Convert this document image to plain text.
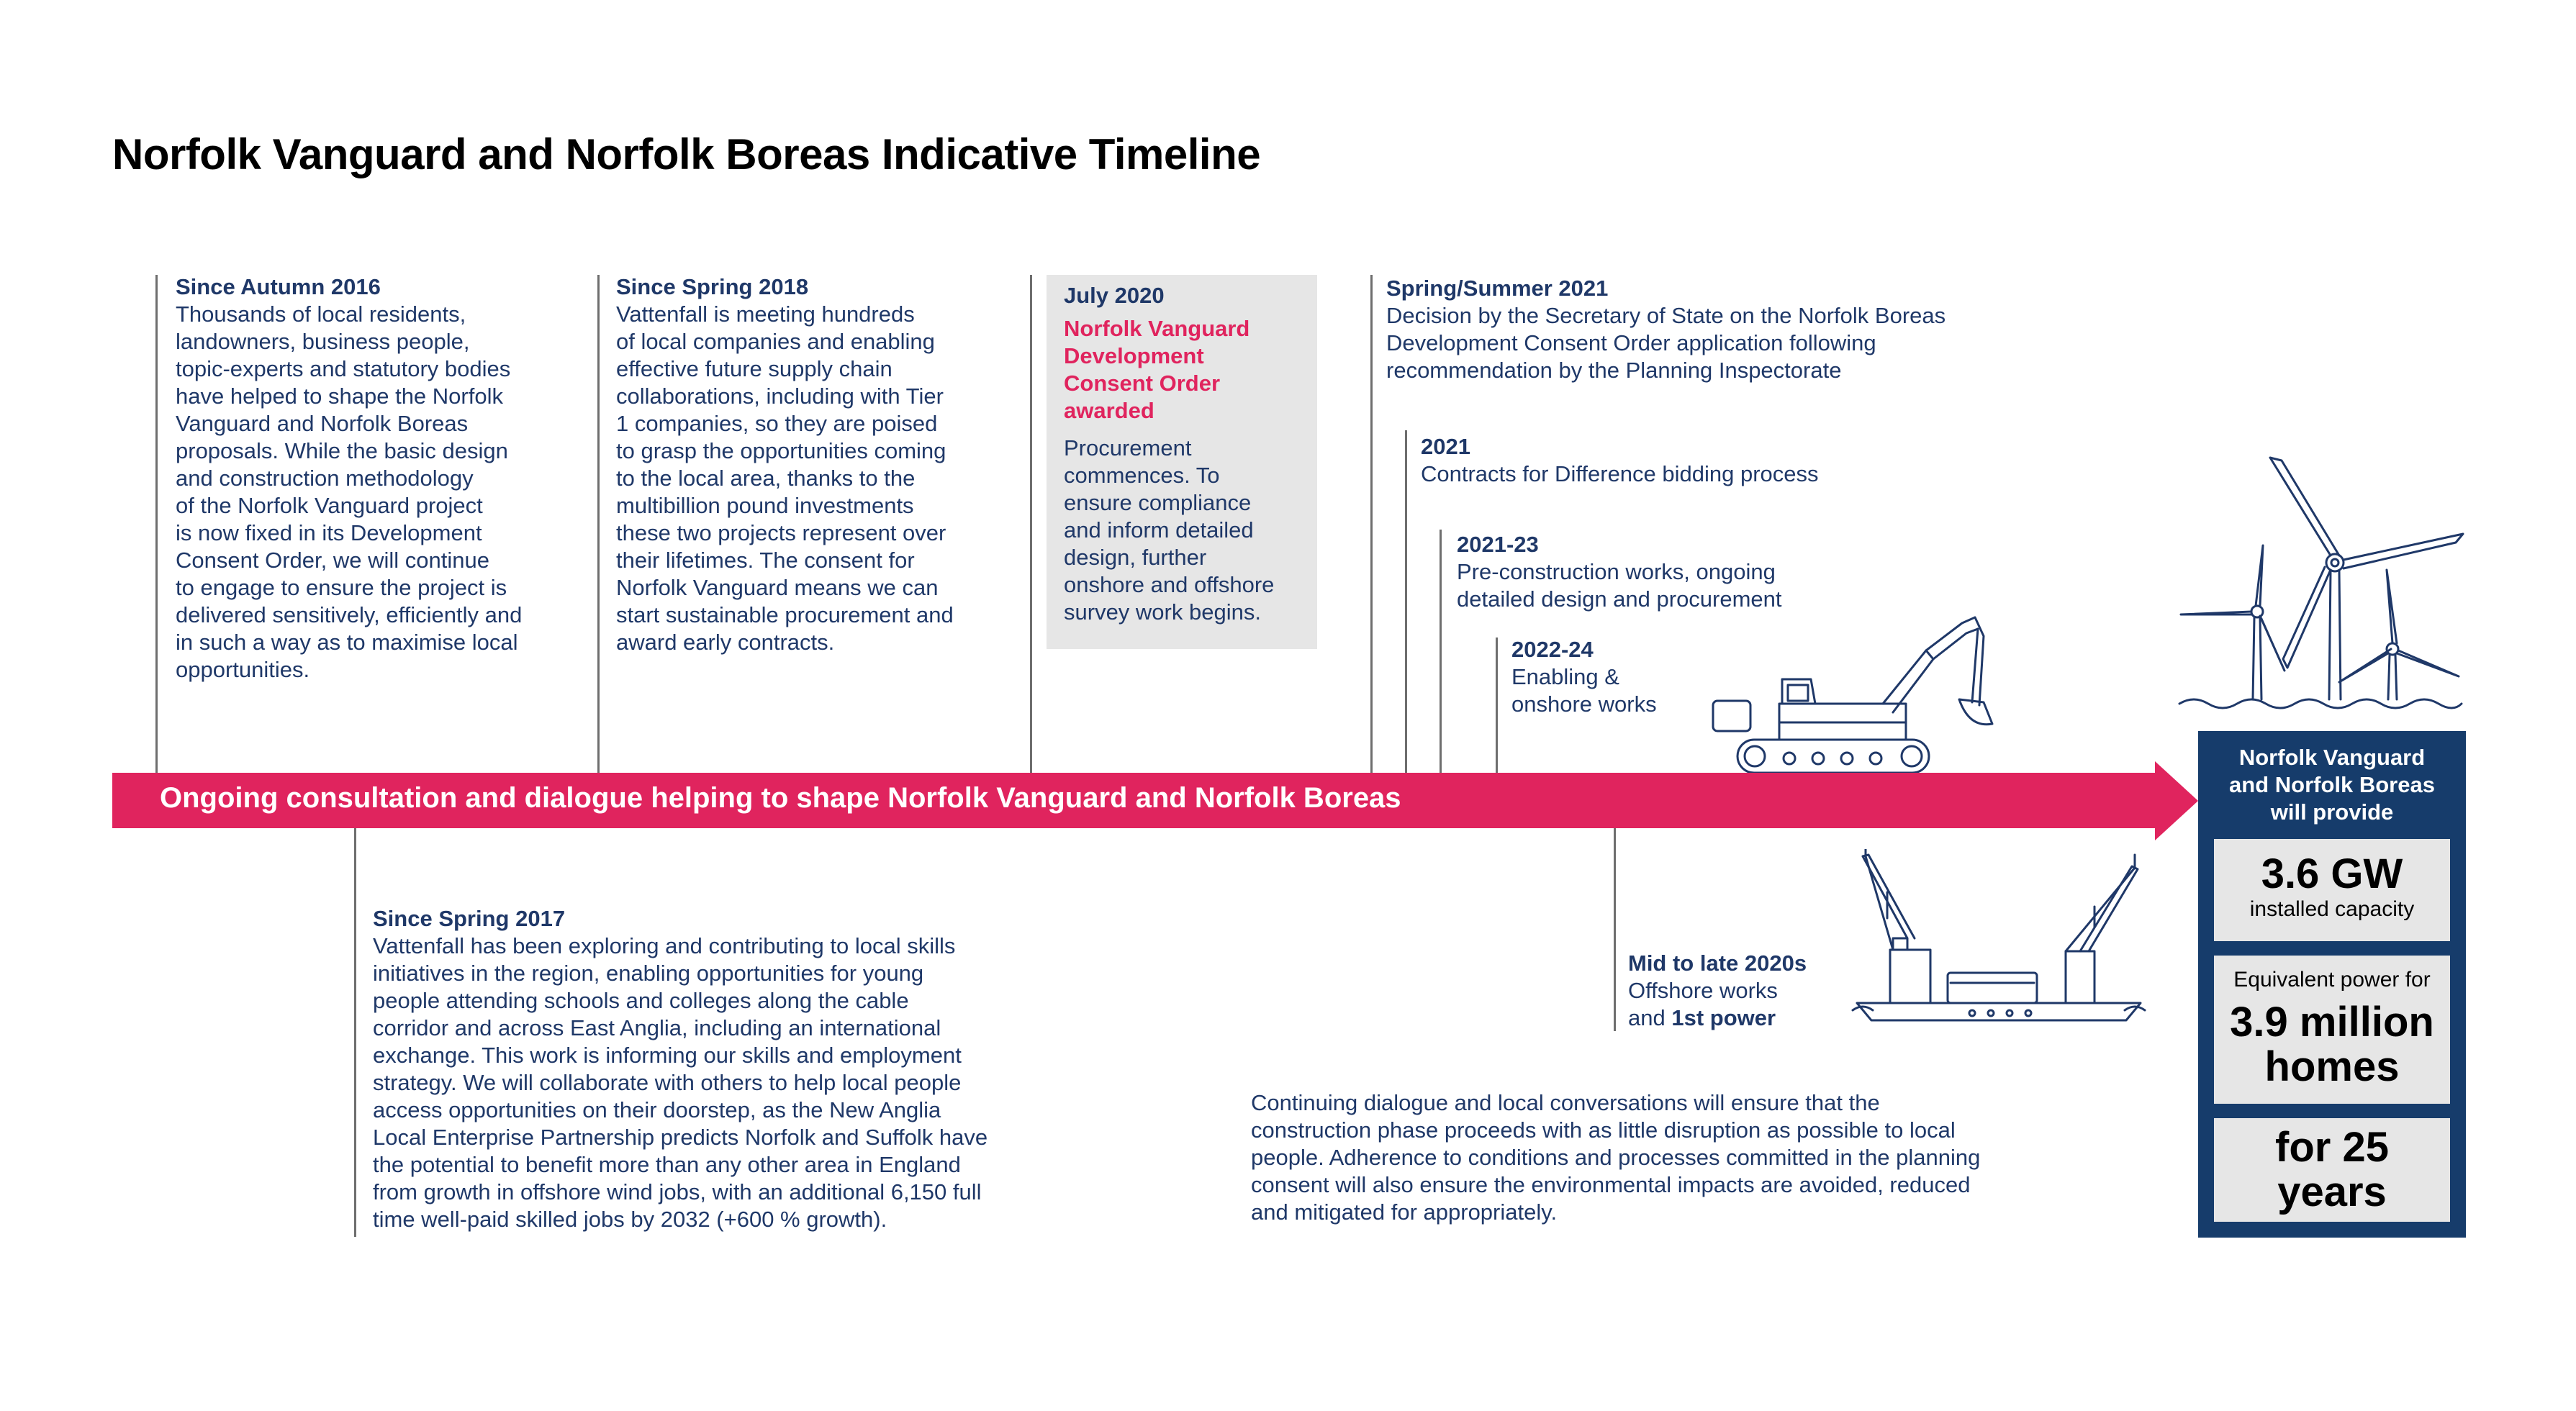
Norfolk Vanguard and Norfolk Boreas Indicative Timeline
Since Autumn 2016
Thousands of local residents,
landowners, business people,
topic-experts and statutory bodies
have helped to shape the Norfolk
Vanguard and Norfolk Boreas
proposals. While the basic design
and construction methodology
of the Norfolk Vanguard project
is now fixed in its Development
Consent Order, we will continue
to engage to ensure the project is
delivered sensitively, efficiently and
in such a way as to maximise local
opportunities.
Since Spring 2018
Vattenfall is meeting hundreds
of local companies and enabling
effective future supply chain
collaborations, including with Tier
1 companies, so they are poised
to grasp the opportunities coming
to the local area, thanks to the
multibillion pound investments
these two projects represent over
their lifetimes. The consent for
Norfolk Vanguard means we can
start sustainable procurement and
award early contracts.
July 2020
Norfolk Vanguard
Development
Consent Order
awarded
Procurement
commences. To
ensure compliance
and inform detailed
design, further
onshore and offshore
survey work begins.
Spring/Summer 2021
Decision by the Secretary of State on the Norfolk Boreas
Development Consent Order application following
recommendation by the Planning Inspectorate
2021
Contracts for Difference bidding process
2021-23
Pre-construction works, ongoing
detailed design and procurement
2022-24
Enabling &
onshore works
Ongoing consultation and dialogue helping to shape Norfolk Vanguard and Norfolk Boreas
Since Spring 2017
Vattenfall has been exploring and contributing to local skills
initiatives in the region, enabling opportunities for young
people attending schools and colleges along the cable
corridor and across East Anglia, including an international
exchange. This work is informing our skills and employment
strategy. We will collaborate with others to help local people
access opportunities on their doorstep, as the New Anglia
Local Enterprise Partnership predicts Norfolk and Suffolk have
the potential to benefit more than any other area in England
from growth in offshore wind jobs, with an additional 6,150 full
time well-paid skilled jobs by 2032 (+600 % growth).
Mid to late 2020s
Offshore works
and 1st power
Continuing dialogue and local conversations will ensure that the
construction phase proceeds with as little disruption as possible to local
people. Adherence to conditions and processes committed in the planning
consent will also ensure the environmental impacts are avoided, reduced
and mitigated for appropriately.
Norfolk Vanguard
and Norfolk Boreas
will provide
3.6 GW
installed capacity
Equivalent power for
3.9 million
homes
for 25
years
